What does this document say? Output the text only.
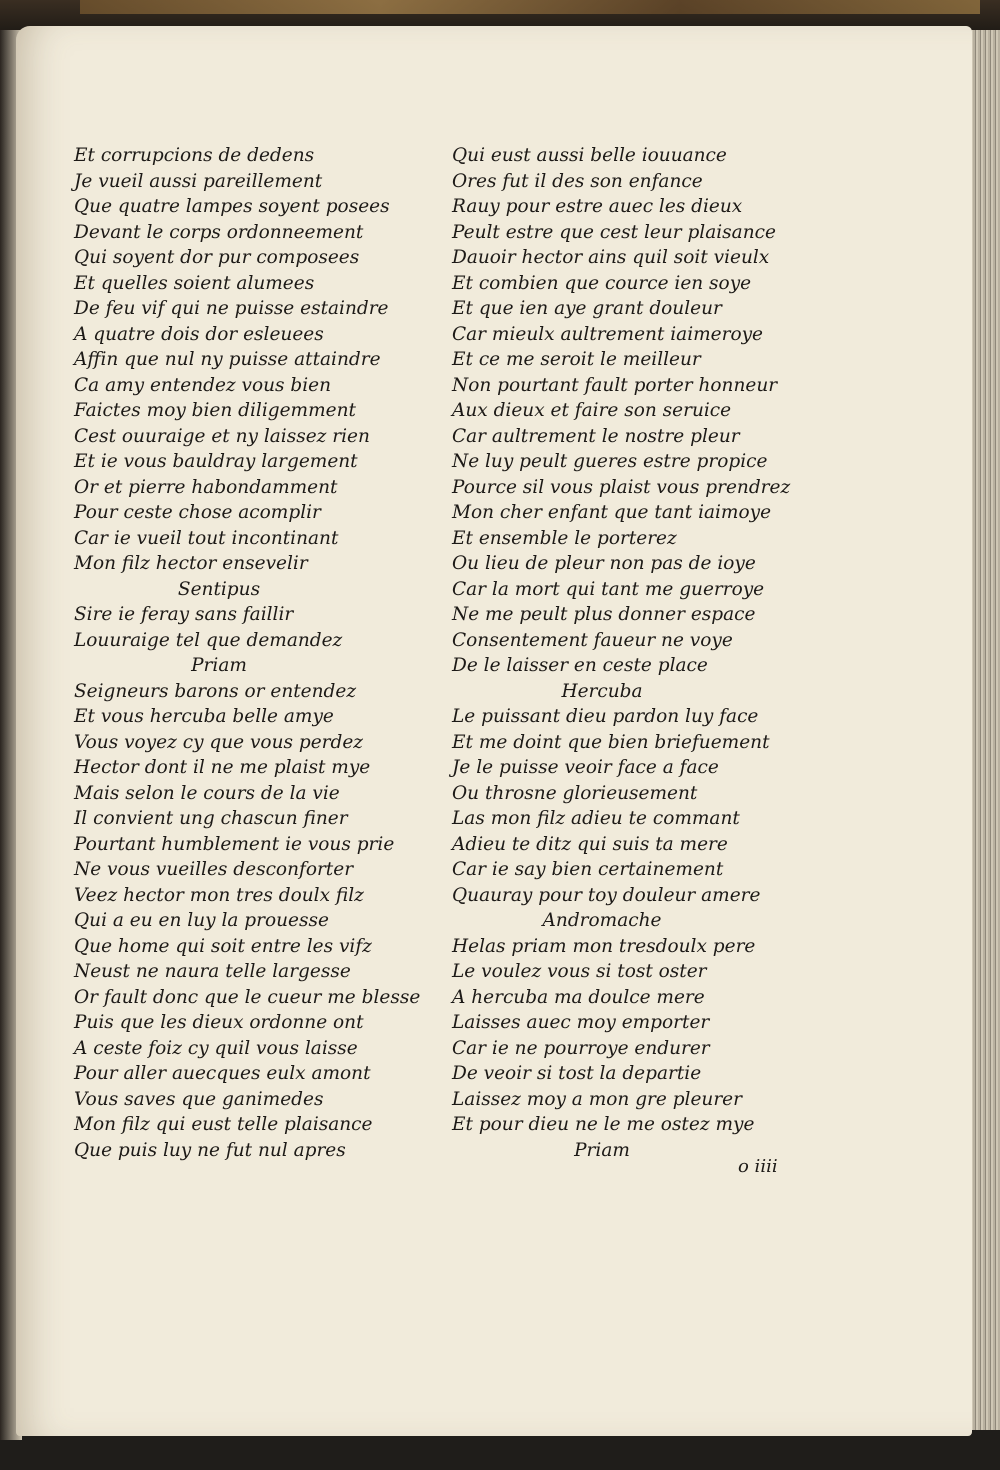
Et corrupcions de dedens
Je vueil aussi pareillement
Que quatre lampes soyent posees
Devant le corps ordonneement
Qui soyent dor pur composees
Et quelles soient alumees
De feu vif qui ne puisse estaindre
A quatre dois dor esleuees
Affin que nul ny puisse attaindre
Ca amy entendez vous bien
Faictes moy bien diligemment
Cest ouuraige et ny laissez rien
Et ie vous bauldray largement
Or et pierre habondamment
Pour ceste chose acomplir
Car ie vueil tout incontinant
Mon filz hector ensevelir
Sentipus
Sire ie feray sans faillir
Louuraige tel que demandez
Priam
Seigneurs barons or entendez
Et vous hercuba belle amye
Vous voyez cy que vous perdez
Hector dont il ne me plaist mye
Mais selon le cours de la vie
Il convient ung chascun finer
Pourtant humblement ie vous prie
Ne vous vueilles desconforter
Veez hector mon tres doulx filz
Qui a eu en luy la prouesse
Que home qui soit entre les vifz
Neust ne naura telle largesse
Or fault donc que le cueur me blesse
Puis que les dieux ordonne ont
A ceste foiz cy quil vous laisse
Pour aller auecques eulx amont
Vous saves que ganimedes
Mon filz qui eust telle plaisance
Que puis luy ne fut nul apres
Qui eust aussi belle iouuance
Ores fut il des son enfance
Rauy pour estre auec les dieux
Peult estre que cest leur plaisance
Dauoir hector ains quil soit vieulx
Et combien que cource ien soye
Et que ien aye grant douleur
Car mieulx aultrement iaimeroye
Et ce me seroit le meilleur
Non pourtant fault porter honneur
Aux dieux et faire son seruice
Car aultrement le nostre pleur
Ne luy peult gueres estre propice
Pource sil vous plaist vous prendrez
Mon cher enfant que tant iaimoye
Et ensemble le porterez
Ou lieu de pleur non pas de ioye
Car la mort qui tant me guerroye
Ne me peult plus donner espace
Consentement faueur ne voye
De le laisser en ceste place
Hercuba
Le puissant dieu pardon luy face
Et me doint que bien briefuement
Je le puisse veoir face a face
Ou throsne glorieusement
Las mon filz adieu te commant
Adieu te ditz qui suis ta mere
Car ie say bien certainement
Quauray pour toy douleur amere
Andromache
Helas priam mon tresdoulx pere
Le voulez vous si tost oster
A hercuba ma doulce mere
Laisses auec moy emporter
Car ie ne pourroye endurer
De veoir si tost la departie
Laissez moy a mon gre pleurer
Et pour dieu ne le me ostez mye
Priam
o iiii
